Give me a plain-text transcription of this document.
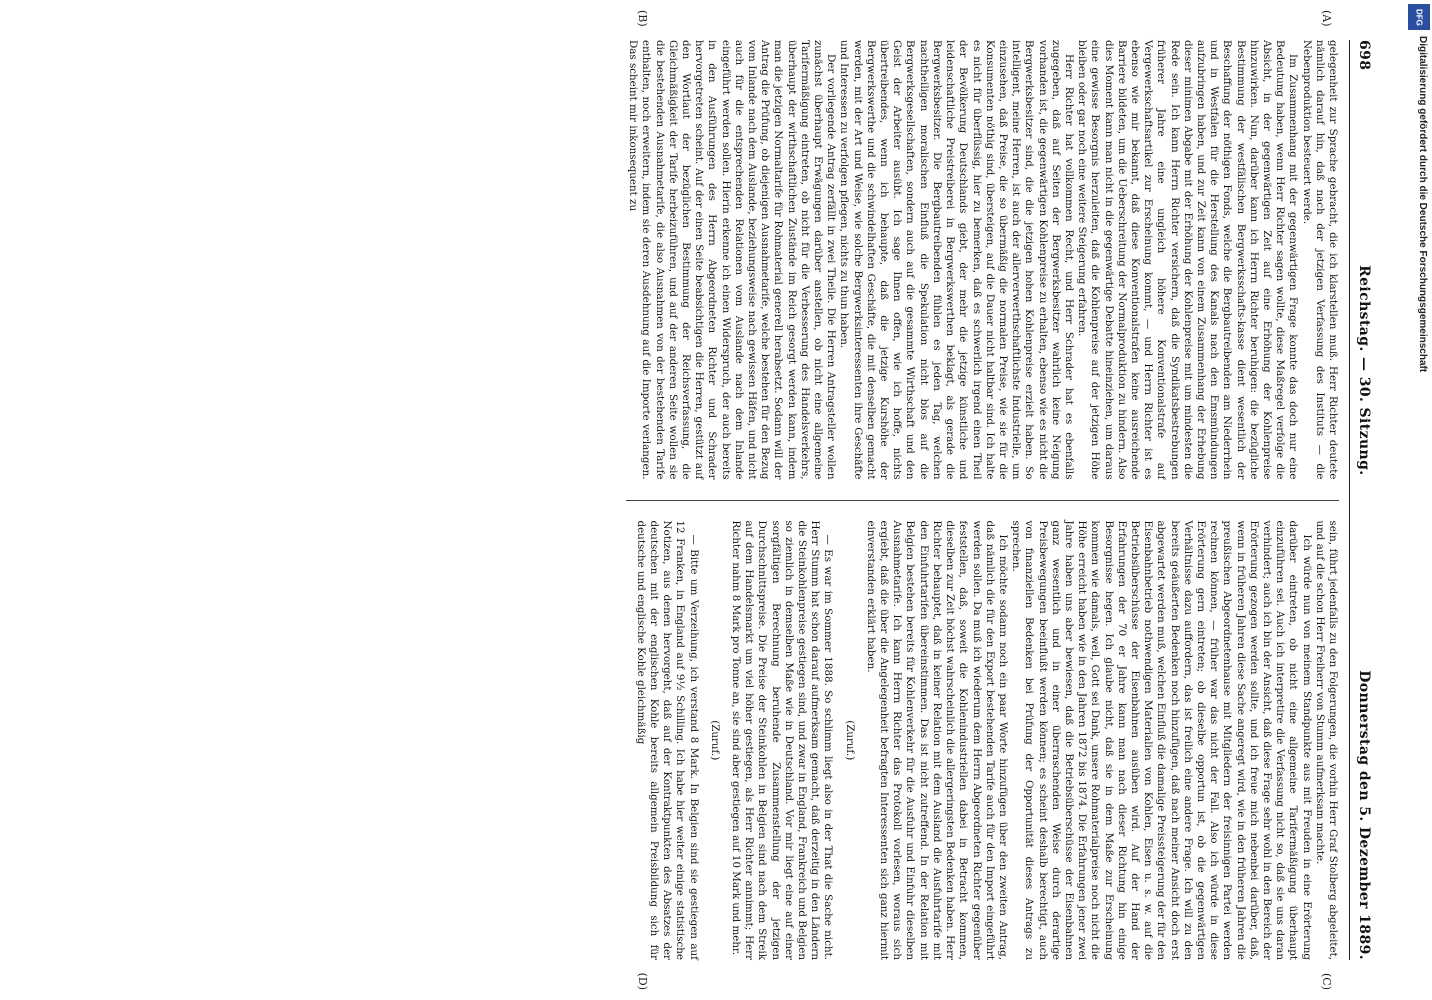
698
Reichstag. — 30. Sitzung.
Donnerstag den 5. Dezember 1889.
(A)
(B)

gelegenheit zur Sprache gebracht, die ich klarstellen muß. Herr Richter deutete nämlich darauf hin, daß nach der jetzigen Verfassung des Instituts — die Nebenproduktion besteuert werde.

Im Zusammenhang mit der gegenwärtigen Frage konnte das doch nur eine Bedeutung haben, wenn Herr Richter sagen wollte, diese Maßregel verfolge die Absicht, in der gegenwärtigen Zeit auf eine Erhöhung der Kohlenpreise hinzuwirken. Nun, darüber kann ich Herrn Richter beruhigen: die bezügliche Bestimmung der westfälischen Bergwerksschafts-kasse dient wesentlich der Beschaffung der nöthigen Fonds, welche die Bergbautreibenden am Niederrhein und in Westfalen für die Herstellung des Kanals nach den Emsmündungen aufzubringen haben, und zur Zeit kann von einem Zusammenhang der Erhebung dieser minimen Abgabe mit der Erhöhung der Kohlenpreise mit um mindesten die Rede sein. Ich kann Herrn Richter versichern, daß die Syndikatsbestrebungen früherer Jahre eine ungleich höhere Konventionalstrafe auf Vergewerkschaftsartikel zur Erscheinung kommt, — und Herrn Richter ist es ebenso wie mir bekannt, daß diese Konventionalstrafen keine ausreichende Barriere bildeten, um die Ueberschreitung der Normalproduktion zu hindern. Also dies Moment kann man nicht in die gegenwärtige Debatte hineinziehen, um daraus eine gewisse Besorgnis herzuleiten, daß die Kohlenpreise auf der jetzigen Höhe bleiben oder gar noch eine weitere Steigerung erfahren.

Herr Richter hat vollkommen Recht, und Herr Schrader hat es ebenfalls zugegeben, daß auf Seiten der Bergwerksbesitzer wahrlich keine Neigung vorhanden ist, die gegenwärtigen Kohlenpreise zu erhalten, ebenso wie es nicht die Bergwerksbesitzer sind, die die jetzigen hohen Kohlenpreise erzielt haben. So intelligent, meine Herren, ist auch der allerverwerthschaftlichste Industrielle, um einzusehen, daß Preise, die so übermäßig die normalen Preise, wie sie für die Konsumenten nöthig sind, übersteigen, auf die Dauer nicht haltbar sind. Ich halte es nicht für überflüssig, hier zu bemerken, daß es schwerlich irgend einen Theil der Bevölkerung Deutschlands giebt, der mehr die jetzige künstliche und leidenschaftliche Preistreiberei in Bergwerkswerthen beklagt, als gerade die Bergwerksbesitzer. Die Bergbautreibenden fühlen es jeden Tag, welchen nachtheiligen moralischen Einfluß die Spekulation nicht blos auf die Bergwerksgesellschaften, sondern auch auf die gesammte Wirthschaft und den Geist der Arbeiter ausübt. Ich sage Ihnen offen, wie ich hoffe, nichts übertreibendes, wenn ich behaupte, daß die jetzige Kurshöhe der Bergwerkswerthe und die schwindelhaften Geschäfte, die mit denselben gemacht werden, mit der Art und Weise, wie solche Bergwerksinteressenten ihre Geschäfte und Interessen zu verfolgen pflegen, nichts zu thun haben.

Der vorliegende Antrag zerfällt in zwei Theile. Die Herren Antragsteller wollen zunächst überhaupt Erwägungen darüber anstellen, ob nicht eine allgemeine Tarifermäßigung eintreten, ob nicht für die Verbesserung des Handelsverkehrs, überhaupt der wirthschaftlichen Zustände im Reich gesorgt werden kann, indem man die jetzigen Normaltarife für Rohmaterial generell herabsetzt. Sodann will der Antrag die Prüfung, ob diejenigen Ausnahmetarife, welche bestehen für den Bezug vom Inlande nach dem Auslande, beziehungsweise nach gewissen Häfen, und nicht auch für die entsprechenden Relationen vom Auslande nach dem Inlande eingeführt werden sollen. Hierin erkenne ich einen Widerspruch, der auch bereits in den Ausführungen des Herrn Abgeordneten Richter und Schrader hervorgetreten scheint. Auf der einen Seite beabsichtigen die Herren, gestützt auf den Wortlaut der bezüglichen Bestimmung der Reichsverfassung, die Gleichmäßigkeit der Tarife herbeizuführen, und auf der anderen Seite wollen sie die bestehenden Ausnahmetarife, die also Ausnahmen von der bestehenden Tarife enthalten, noch erweitern, indem sie deren Ausdehnung auf die Importe verlangen. Das scheint mir inkonsequent zu

(C)
(D)

sein, führt jedenfalls zu den Folgerungen, die vorhin Herr Graf Stolberg abgeleitet, und auf die schon Herr Freiherr von Stumm aufmerksam machte.

Ich würde nun von meinem Standpunkte aus mit Freuden in eine Erörterung darüber eintreten, ob nicht eine allgemeine Tarifermäßigung überhaupt einzuführen sei. Auch ich interpretire die Verfassung nicht so, daß sie uns daran verhindert; auch ich bin der Ansicht, daß diese Frage sehr wohl in den Bereich der Erörterung gezogen werden sollte, und ich freue mich nebenbei darüber, daß, wenn in früheren Jahren diese Sache angeregt wird, wie in den früheren Jahren die preußischen Abgeordnetenhause mit Mitgliedern der freisinnigen Partei werden rechnen können, — früher war das nicht der Fall. Also ich würde in diese Erörterung gern eintreten; ob dieselbe opportun ist, ob die gegenwärtigen Verhältnisse dazu auffordern, das ist freilich eine andere Frage. Ich will zu den bereits geäußerten Bedenken noch hinzufügen, daß nach meiner Ansicht doch erst abgewartet werden muß, welchen Einfluß die damalige Preissteigerung der für den Eisenbahnbetrieb nothwendigen Materialien von Kohlen, Eisen u. s. w. auf die Betriebsüberschüsse der Eisenbahnen ausüben wird. Auf der Hand der Erfahrungen der 70 er Jahre kann man nach dieser Richtung hin einige Besorgnisse hegen. Ich glaube nicht, daß sie in dem Maße zur Erscheinung kommen wie damals, weil, Gott sei Dank, unsere Rohmaterialpreise noch nicht die Höhe erreicht haben wie in den Jahren 1872 bis 1874. Die Erfahrungen jener zwei Jahre haben uns aber bewiesen, daß die Betriebsüberschüsse der Eisenbahnen ganz wesentlich und in einer überraschenden Weise durch derartige Preisbewegungen beeinflußt werden können; es scheint deshalb berechtigt, auch von finanziellen Bedenken bei Prüfung der Opportunität dieses Antrags zu sprechen.

Ich möchte sodann noch ein paar Worte hinzufügen über den zweiten Antrag, daß nämlich die für den Export bestehenden Tarife auch für den Import eingeführt werden sollen. Da muß ich wiederum dem Herrn Abgeordneten Richter gegenüber feststellen, daß, soweit die Kohlenindustriellen dabei in Betracht kommen, dieselben zur Zeit höchst wahrscheinlich die allergeringsten Bedenken haben. Herr Richter behauptet, daß in keiner Relation mit dem Ausland die Ausfuhrtarife mit den Einfuhrtarifen übereinstimmen. Das ist nicht zutreffend. In der Relation mit Belgien bestehen bereits für Kohlenverkehr für die Ausfuhr und Einfuhr dieselben Ausnahmetarife. Ich kann Herrn Richter das Protokoll vorlesen, woraus sich ergiebt, daß die über die Angelegenheit befragten Interessenten sich ganz hiermit einverstanden erklärt haben.

(Zuruf.)

— Es war im Sommer 1888. So schlimm liegt also in der That die Sache nicht. Herr Stumm hat schon darauf aufmerksam gemacht, daß derzeitig in den Ländern die Steinkohlenpreise gestiegen sind, und zwar in England, Frankreich und Belgien so ziemlich in demselben Maße wie in Deutschland. Vor mir liegt eine auf einer sorgfältigen Berechnung beruhende Zusammenstellung der jetzigen Durchschnittspreise. Die Preise der Steinkohlen in Belgien sind nach dem Streik auf dem Handelsmarkt um viel höher gestiegen, als Herr Richter annimmt; Herr Richter nahm 8 Mark pro Tonne an, sie sind aber gestiegen auf 10 Mark und mehr.

(Zuruf.)

— Bitte um Verzeihung, ich verstand 8 Mark. In Belgien sind sie gestiegen auf 12 Franken, in England auf 9½ Schilling. Ich habe hier weiter einige statistische Notizen, aus denen hervorgeht, daß auf der Kontraktpunkten des Absatzes der deutschen mit der englischen Kohle bereits allgemein Preisbildung sich für deutsche und englische Kohle gleichmäßig

DFG
Digitalisierung gefördert durch die Deutsche Forschungsgemeinschaft
